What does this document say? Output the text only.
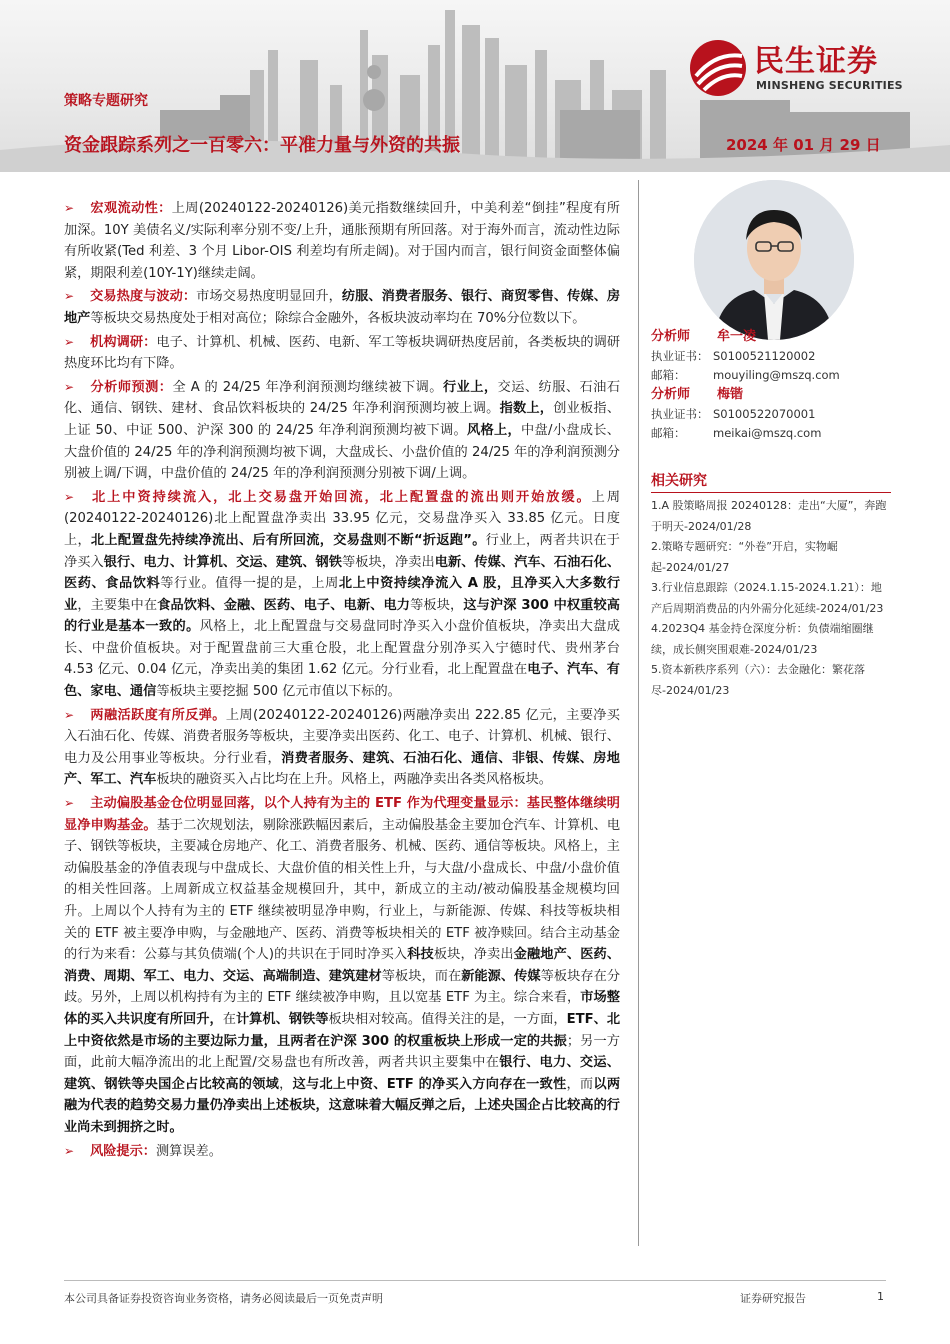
民生证券
MINSHENG SECURITIES
策略专题研究
资金跟踪系列之一百零六：平准力量与外资的共振	2024 年 01 月 29 日

➢ 宏观流动性：上周(20240122-20240126)美元指数继续回升，中美利差“倒挂”程度有所加深。10Y 美债名义/实际利率分别不变/上升，通胀预期有所回落。对于海外而言，流动性边际有所收紧(Ted 利差、3 个月 Libor-OIS 利差均有所走阔)。对于国内而言，银行间资金面整体偏紧，期限利差(10Y-1Y)继续走阔。

➢ 交易热度与波动：市场交易热度明显回升，纺服、消费者服务、银行、商贸零售、传媒、房地产等板块交易热度处于相对高位；除综合金融外，各板块波动率均在 70%分位数以下。

➢ 机构调研：电子、计算机、机械、医药、电新、军工等板块调研热度居前，各类板块的调研热度环比均有下降。

➢ 分析师预测：全 A 的 24/25 年净利润预测均继续被下调。行业上，交运、纺服、石油石化、通信、钢铁、建材、食品饮料板块的 24/25 年净利润预测均被上调。指数上，创业板指、上证 50、中证 500、沪深 300 的 24/25 年净利润预测均被下调。风格上，中盘/小盘成长、大盘价值的 24/25 年的净利润预测均被下调，大盘成长、小盘价值的 24/25 年的净利润预测分别被上调/下调，中盘价值的 24/25 年的净利润预测分别被下调/上调。

➢ 北上中资持续流入，北上交易盘开始回流，北上配置盘的流出则开始放缓。上周(20240122-20240126)北上配置盘净卖出 33.95 亿元，交易盘净买入 33.85 亿元。日度上，北上配置盘先持续净流出、后有所回流，交易盘则不断“折返跑”。行业上，两者共识在于净买入银行、电力、计算机、交运、建筑、钢铁等板块，净卖出电新、传媒、汽车、石油石化、医药、食品饮料等行业。值得一提的是，上周北上中资持续净流入 A 股，且净买入大多数行业，主要集中在食品饮料、金融、医药、电子、电新、电力等板块，这与沪深 300 中权重较高的行业是基本一致的。风格上，北上配置盘与交易盘同时净买入小盘价值板块，净卖出大盘成长、中盘价值板块。对于配置盘前三大重仓股，北上配置盘分别净买入宁德时代、贵州茅台 4.53 亿元、0.04 亿元，净卖出美的集团 1.62 亿元。分行业看，北上配置盘在电子、汽车、有色、家电、通信等板块主要挖掘 500 亿元市值以下标的。

➢ 两融活跃度有所反弹。上周(20240122-20240126)两融净卖出 222.85 亿元，主要净买入石油石化、传媒、消费者服务等板块，主要净卖出医药、化工、电子、计算机、机械、银行、电力及公用事业等板块。分行业看，消费者服务、建筑、石油石化、通信、非银、传媒、房地产、军工、汽车板块的融资买入占比均在上升。风格上，两融净卖出各类风格板块。

➢ 主动偏股基金仓位明显回落，以个人持有为主的 ETF 作为代理变量显示：基民整体继续明显净申购基金。基于二次规划法，剔除涨跌幅因素后，主动偏股基金主要加仓汽车、计算机、电子、钢铁等板块，主要减仓房地产、化工、消费者服务、机械、医药、通信等板块。风格上，主动偏股基金的净值表现与中盘成长、大盘价值的相关性上升，与大盘/小盘成长、中盘/小盘价值的相关性回落。上周新成立权益基金规模回升，其中，新成立的主动/被动偏股基金规模均回升。上周以个人持有为主的 ETF 继续被明显净申购，行业上，与新能源、传媒、科技等板块相关的 ETF 被主要净申购，与金融地产、医药、消费等板块相关的 ETF 被净赎回。结合主动基金的行为来看：公募与其负债端(个人)的共识在于同时净买入科技板块，净卖出金融地产、医药、消费、周期、军工、电力、交运、高端制造、建筑建材等板块，而在新能源、传媒等板块存在分歧。另外，上周以机构持有为主的 ETF 继续被净申购，且以宽基 ETF 为主。综合来看，市场整体的买入共识度有所回升，在计算机、钢铁等板块相对较高。值得关注的是，一方面，ETF、北上中资依然是市场的主要边际力量，且两者在沪深 300 的权重板块上形成一定的共振；另一方面，此前大幅净流出的北上配置/交易盘也有所改善，两者共识主要集中在银行、电力、交运、建筑、钢铁等央国企占比较高的领域，这与北上中资、ETF 的净买入方向存在一致性，而以两融为代表的趋势交易力量仍净卖出上述板块，这意味着大幅反弹之后，上述央国企占比较高的行业尚未到拥挤之时。

➢ 风险提示：测算误差。

分析师 牟一凌
执业证书： S0100521120002
邮箱： mouyiling@mszq.com
分析师 梅锴
执业证书： S0100522070001
邮箱： meikai@mszq.com
相关研究
1.A 股策略周报 20240128：走出“大厦”，奔跑于明天-2024/01/28
2.策略专题研究：“外卷”开启，实物崛起-2024/01/27
3.行业信息跟踪（2024.1.15-2024.1.21）：地产后周期消费品的内外需分化延续-2024/01/23
4.2023Q4 基金持仓深度分析：负债端缩圈继续，成长侧突围艰难-2024/01/23
5.资本新秩序系列（六）：去金融化：繁花落尽-2024/01/23
本公司具备证券投资咨询业务资格，请务必阅读最后一页免责声明	证券研究报告	1
